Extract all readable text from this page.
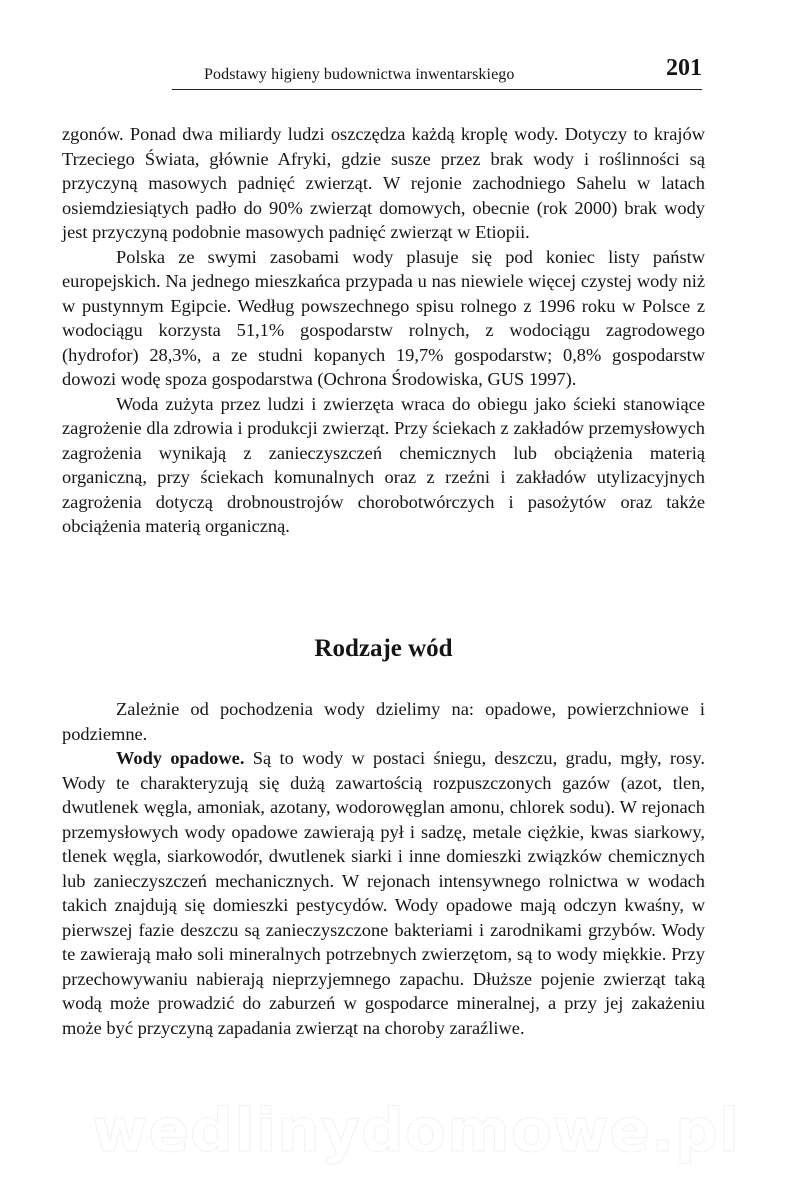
Podstawy higieny budownictwa inwentarskiego	201

zgonów. Ponad dwa miliardy ludzi oszczędza każdą kroplę wody. Dotyczy to krajów Trzeciego Świata, głównie Afryki, gdzie susze przez brak wody i roślinności są przyczyną masowych padnięć zwierząt. W rejonie zachodniego Sahelu w latach osiemdziesiątych padło do 90% zwierząt domowych, obecnie (rok 2000) brak wody jest przyczyną podobnie masowych padnięć zwierząt w Etiopii.

Polska ze swymi zasobami wody plasuje się pod koniec listy państw europejskich. Na jednego mieszkańca przypada u nas niewiele więcej czystej wody niż w pustynnym Egipcie. Według powszechnego spisu rolnego z 1996 roku w Polsce z wodociągu korzysta 51,1% gospodarstw rolnych, z wodociągu zagrodowego (hydrofor) 28,3%, a ze studni kopanych 19,7% gospodarstw; 0,8% gospodarstw dowozi wodę spoza gospodarstwa (Ochrona Środowiska, GUS 1997).

Woda zużyta przez ludzi i zwierzęta wraca do obiegu jako ścieki stanowiące zagrożenie dla zdrowia i produkcji zwierząt. Przy ściekach z zakładów przemysłowych zagrożenia wynikają z zanieczyszczeń chemicznych lub obciążenia materią organiczną, przy ściekach komunalnych oraz z rzeźni i zakładów utylizacyjnych zagrożenia dotyczą drobnoustrojów chorobotwórczych i pasożytów oraz także obciążenia materią organiczną.

Rodzaje wód

Zależnie od pochodzenia wody dzielimy na: opadowe, powierzchniowe i podziemne.

Wody opadowe. Są to wody w postaci śniegu, deszczu, gradu, mgły, rosy. Wody te charakteryzują się dużą zawartością rozpuszczonych gazów (azot, tlen, dwutlenek węgla, amoniak, azotany, wodorowęglan amonu, chlorek sodu). W rejonach przemysłowych wody opadowe zawierają pył i sadzę, metale ciężkie, kwas siarkowy, tlenek węgla, siarkowodór, dwutlenek siarki i inne domieszki związków chemicznych lub zanieczyszczeń mechanicznych. W rejonach intensywnego rolnictwa w wodach takich znajdują się domieszki pestycydów. Wody opadowe mają odczyn kwaśny, w pierwszej fazie deszczu są zanieczyszczone bakteriami i zarodnikami grzybów. Wody te zawierają mało soli mineralnych potrzebnych zwierzętom, są to wody miękkie. Przy przechowywaniu nabierają nieprzyjemnego zapachu. Dłuższe pojenie zwierząt taką wodą może prowadzić do zaburzeń w gospodarce mineralnej, a przy jej zakażeniu może być przyczyną zapadania zwierząt na choroby zaraźliwe.

wedlinydomowe.pl
